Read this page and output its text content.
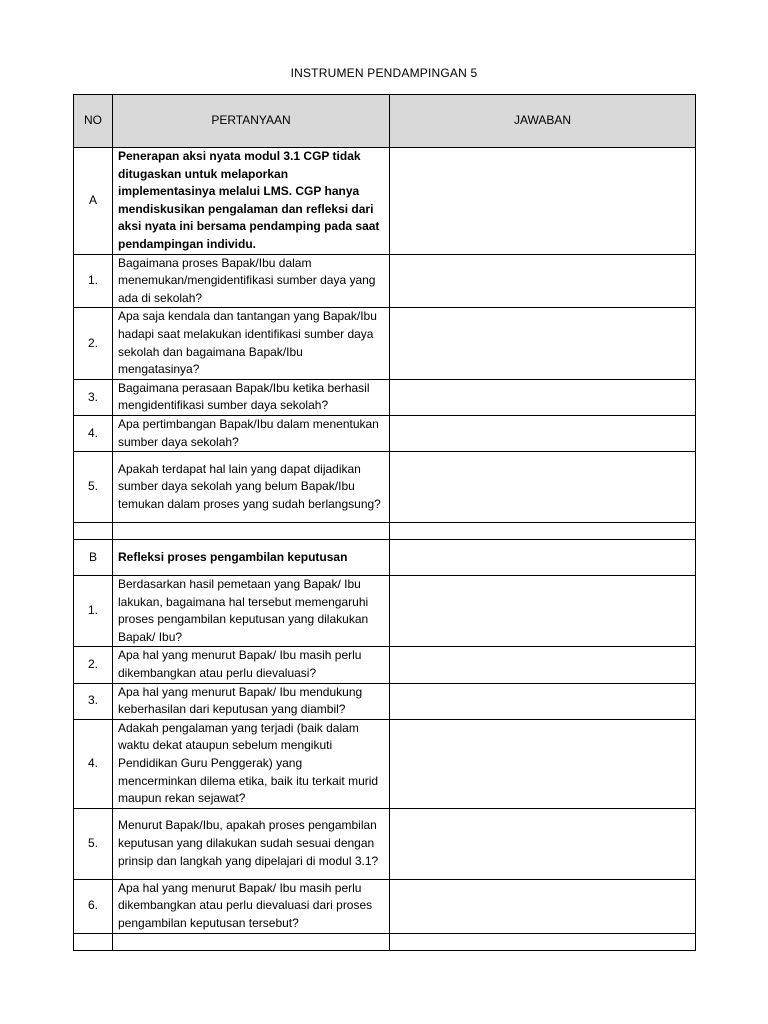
INSTRUMEN PENDAMPINGAN 5
NO	PERTANYAAN	JAWABAN
A	Penerapan aksi nyata modul 3.1 CGP tidak ditugaskan untuk melaporkan implementasinya melalui LMS. CGP hanya mendiskusikan pengalaman dan refleksi dari aksi nyata ini bersama pendamping pada saat pendampingan individu.	
1.	Bagaimana proses Bapak/Ibu dalam menemukan/mengidentifikasi sumber daya yang ada di sekolah?	
2.	Apa saja kendala dan tantangan yang Bapak/Ibu hadapi saat melakukan identifikasi sumber daya sekolah dan bagaimana Bapak/Ibu mengatasinya?	
3.	Bagaimana perasaan Bapak/Ibu ketika berhasil mengidentifikasi sumber daya sekolah?	
4.	Apa pertimbangan Bapak/Ibu dalam menentukan sumber daya sekolah?	
5.	Apakah terdapat hal lain yang dapat dijadikan sumber daya sekolah yang belum Bapak/Ibu temukan dalam proses yang sudah berlangsung?	

B	Refleksi proses pengambilan keputusan	
1.	Berdasarkan hasil pemetaan yang Bapak/ Ibu lakukan, bagaimana hal tersebut memengaruhi proses pengambilan keputusan yang dilakukan Bapak/ Ibu?	
2.	Apa hal yang menurut Bapak/ Ibu masih perlu dikembangkan atau perlu dievaluasi?	
3.	Apa hal yang menurut Bapak/ Ibu mendukung keberhasilan dari keputusan yang diambil?	
4.	Adakah pengalaman yang terjadi (baik dalam waktu dekat ataupun sebelum mengikuti Pendidikan Guru Penggerak) yang mencerminkan dilema etika, baik itu terkait murid maupun rekan sejawat?	
5.	Menurut Bapak/Ibu, apakah proses pengambilan keputusan yang dilakukan sudah sesuai dengan prinsip dan langkah yang dipelajari di modul 3.1?	
6.	Apa hal yang menurut Bapak/ Ibu masih perlu dikembangkan atau perlu dievaluasi dari proses pengambilan keputusan tersebut?	
